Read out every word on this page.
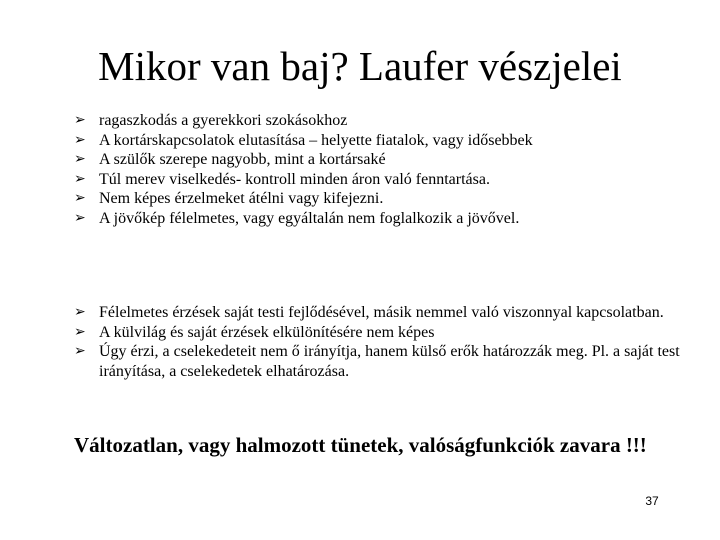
Mikor van baj? Laufer vészjelei
➢ ragaszkodás a gyerekkori szokásokhoz
➢ A kortárskapcsolatok elutasítása – helyette fiatalok, vagy idősebbek
➢ A szülők szerepe nagyobb, mint a kortársaké
➢ Túl merev viselkedés- kontroll minden áron való fenntartása.
➢ Nem képes érzelmeket átélni vagy kifejezni.
➢ A jövőkép félelmetes, vagy egyáltalán nem foglalkozik a jövővel.
➢ Félelmetes érzések saját testi fejlődésével, másik nemmel való viszonnyal kapcsolatban.
➢ A külvilág és saját érzések elkülönítésére nem képes
➢ Úgy érzi, a cselekedeteit nem ő irányítja, hanem külső erők határozzák meg. Pl. a saját test irányítása, a cselekedetek elhatározása.
Változatlan, vagy halmozott tünetek, valóságfunkciók zavara !!!
37
